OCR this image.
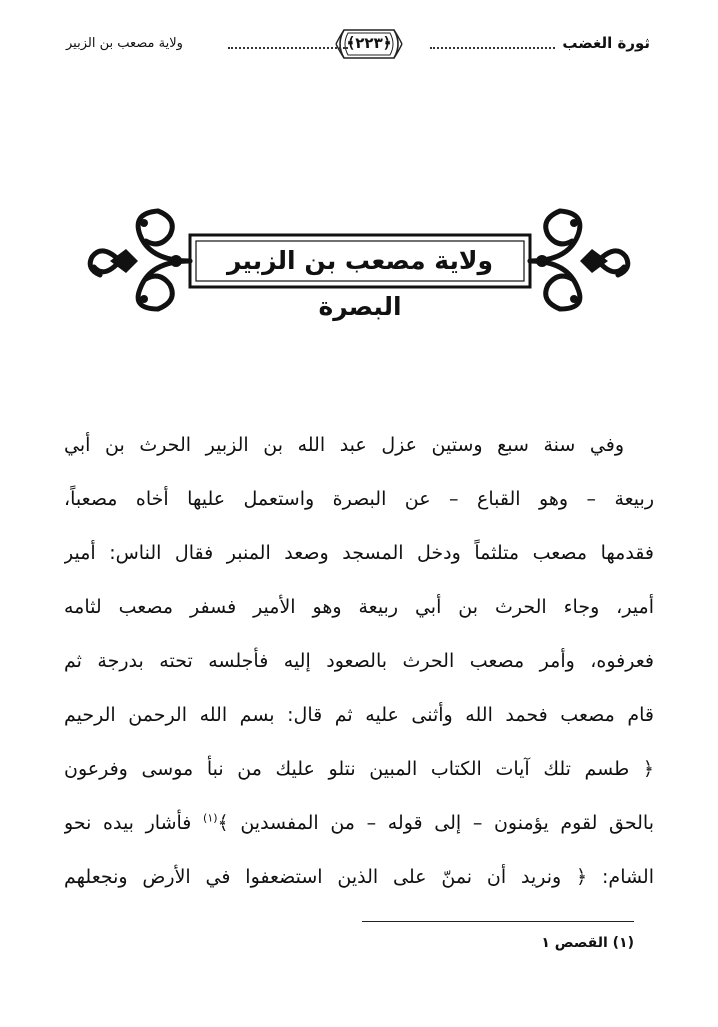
ثورة الغضب
﴿٢٢٣﴾
ولاية مصعب بن الزبير
ولاية مصعب بن الزبير البصرة
وفي سنة سبع وستين عزل عبد الله بن الزبير الحرث بن أبي
ربيعة – وهو القباع – عن البصرة واستعمل عليها أخاه مصعباً،
فقدمها مصعب متلثماً ودخل المسجد وصعد المنبر فقال الناس: أمير
أمير، وجاء الحرث بن أبي ربيعة وهو الأمير فسفر مصعب لثامه
فعرفوه، وأمر مصعب الحرث بالصعود إليه فأجلسه تحته بدرجة ثم
قام مصعب فحمد الله وأثنى عليه ثم قال: بسم الله الرحمن الرحيم
﴿ طسم تلك آيات الكتاب المبين نتلو عليك من نبأ موسى وفرعون
بالحق لقوم يؤمنون – إلى قوله – من المفسدين ﴾$^{(١)}$ فأشار بيده نحو
الشام: ﴿ ونريد أن نمنّ على الذين استضعفوا في الأرض ونجعلهم
(١) القصص ١
